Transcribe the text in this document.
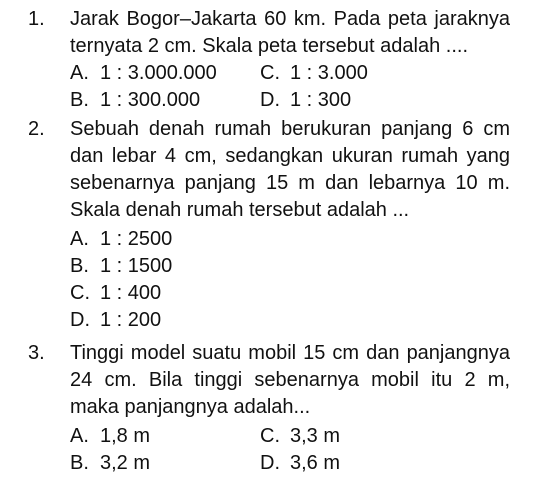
1. Jarak Bogor–Jakarta 60 km. Pada peta jaraknya
ternyata 2 cm. Skala peta tersebut adalah ....
A. 1 : 3.000.000 C. 1 : 3.000
B. 1 : 300.000	D. 1 : 300
2. Sebuah denah rumah berukuran panjang 6 cm
dan lebar 4 cm, sedangkan ukuran rumah yang
sebenarnya panjang 15 m dan lebarnya 10 m.
Skala denah rumah tersebut adalah ...
A. 1 : 2500
B. 1 : 1500
C. 1 : 400
D. 1 : 200
3. Tinggi model suatu mobil 15 cm dan panjangnya
24 cm. Bila tinggi sebenarnya mobil itu 2 m,
maka panjangnya adalah...
A. 1,8 m	C. 3,3 m
B. 3,2 m	D. 3,6 m
